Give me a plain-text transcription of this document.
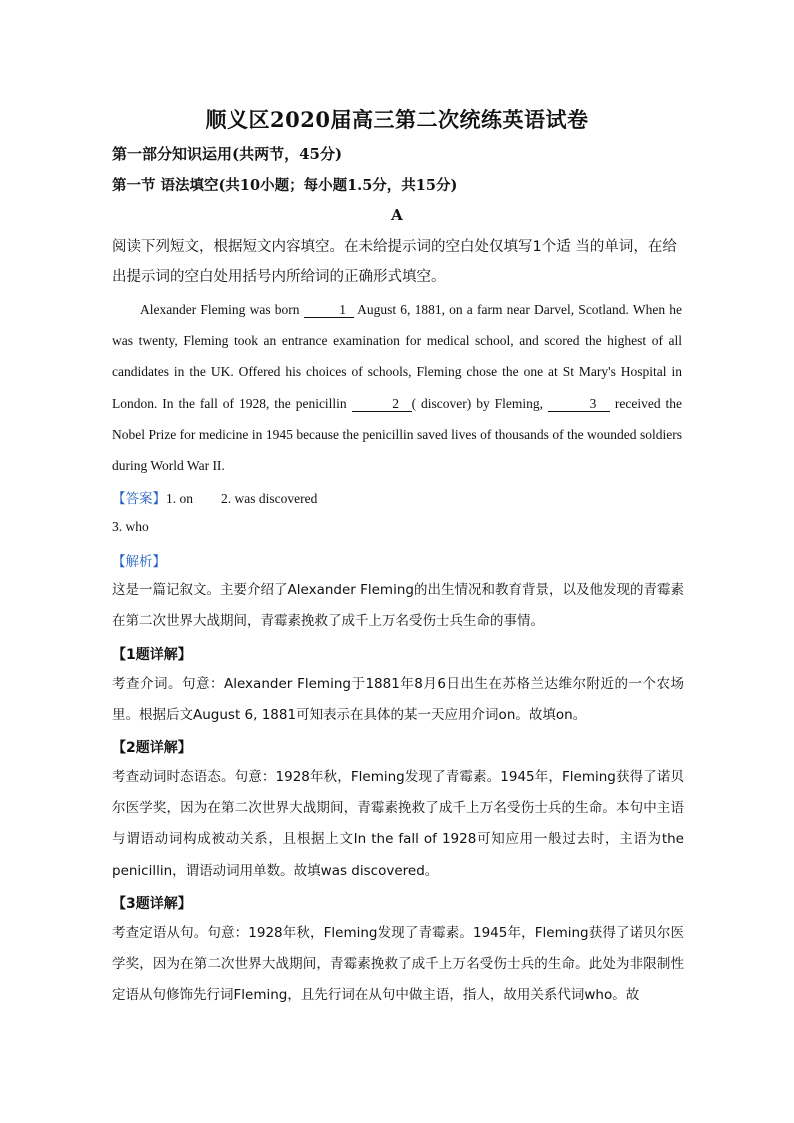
顺义区2020届高三第二次统练英语试卷
第一部分知识运用(共两节，45分)
第一节 语法填空(共10小题；每小题1.5分，共15分)
A
阅读下列短文，根据短文内容填空。在未给提示词的空白处仅填写1个适 当的单词，在给出提示词的空白处用括号内所给词的正确形式填空。

Alexander Fleming was born	1 August 6, 1881, on a farm near Darvel, Scotland. When he was twenty, Fleming took an entrance examination for medical school, and scored the highest of all candidates in the UK. Offered his choices of schools, Fleming chose the one at St Mary's Hospital in London. In the fall of 1928, the penicillin	2 ( discover) by Fleming,	3 received the Nobel Prize for medicine in 1945 because the penicillin saved lives of thousands of the wounded soldiers during World War II.

【答案】1. on 2. was discovered
3. who
【解析】

这是一篇记叙文。主要介绍了Alexander Fleming的出生情况和教育背景，以及他发现的青霉素在第二次世界大战期间，青霉素挽救了成千上万名受伤士兵生命的事情。

【1题详解】

考查介词。句意：Alexander Fleming于1881年8月6日出生在苏格兰达维尔附近的一个农场里。根据后文August 6, 1881可知表示在具体的某一天应用介词on。故填on。

【2题详解】

考查动词时态语态。句意：1928年秋，Fleming发现了青霉素。1945年，Fleming获得了诺贝尔医学奖，因为在第二次世界大战期间，青霉素挽救了成千上万名受伤士兵的生命。本句中主语与谓语动词构成被动关系，且根据上文In the fall of 1928可知应用一般过去时，主语为the penicillin，谓语动词用单数。故填was discovered。

【3题详解】

考查定语从句。句意：1928年秋，Fleming发现了青霉素。1945年，Fleming获得了诺贝尔医学奖，因为在第二次世界大战期间，青霉素挽救了成千上万名受伤士兵的生命。此处为非限制性定语从句修饰先行词Fleming，且先行词在从句中做主语，指人，故用关系代词who。故
